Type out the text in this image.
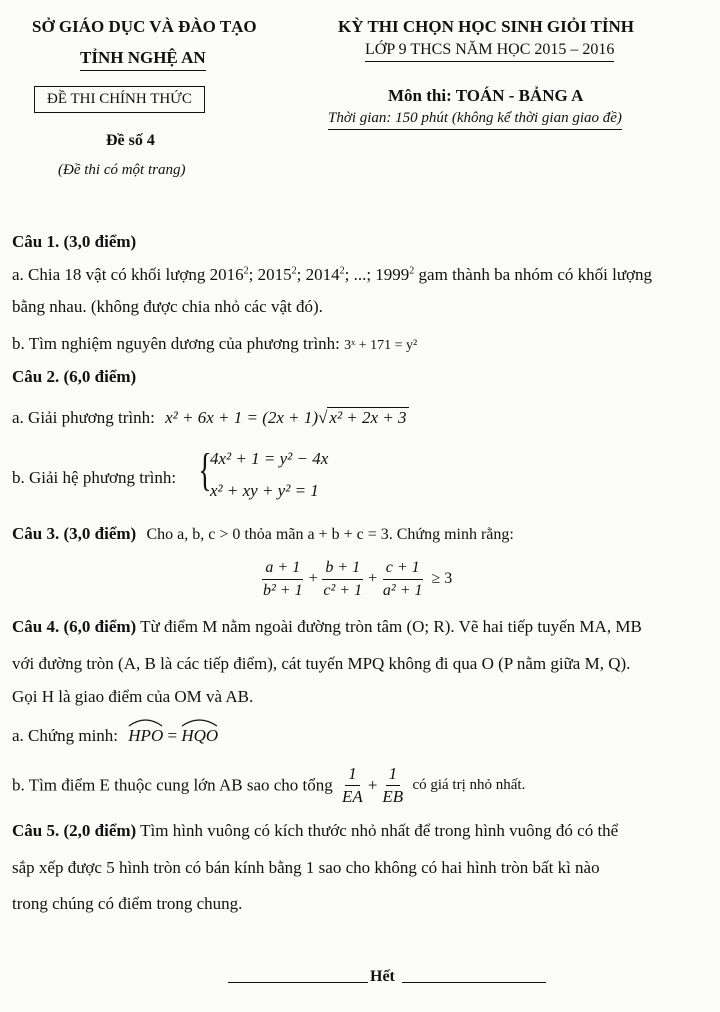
SỞ GIÁO DỤC VÀ ĐÀO TẠO
TỈNH NGHỆ AN
KỲ THI CHỌN HỌC SINH GIỎI TỈNH
LỚP 9 THCS NĂM HỌC 2015 – 2016
ĐỀ THI CHÍNH THỨC	Môn thi: TOÁN - BẢNG A
Thời gian: 150 phút (không kể thời gian giao đề)
Đề số 4
(Đề thi có một trang)
Câu 1. (3,0 điểm)
a. Chia 18 vật có khối lượng 2016$^2$; 2015$^2$; 2014$^2$; ...; 1999$^2$ gam thành ba nhóm có khối lượng
bằng nhau. (không được chia nhỏ các vật đó).
b. Tìm nghiệm nguyên dương của phương trình: 3ˣ + 171 = y²
Câu 2. (6,0 điểm)
a. Giải phương trình: x² + 6x + 1 = (2x + 1)√ x² + 2x + 3
b. Giải hệ phương trình: {
4x² + 1 = y² − 4x
x² + xy + y² = 1
Câu 3. (3,0 điểm) Cho a, b, c > 0 thỏa mãn a + b + c = 3. Chứng minh rằng:
$\frac{a + 1}{\text{b² + 1}} + \frac{b + 1}{\text{c² + 1}} + \frac{c + 1}{\text{a² + 1}} \ge 3$
Câu 4. (6,0 điểm) Từ điểm M nằm ngoài đường tròn tâm (O; R). Vẽ hai tiếp tuyến MA, MB
với đường tròn (A, B là các tiếp điểm), cát tuyến MPQ không đi qua O (P nằm giữa M, Q).
Gọi H là giao điểm của OM và AB.
a. Chứng minh: HPO =
HQO
b. Tìm điểm E thuộc cung lớn AB sao cho tổng $\frac{1}{EA} + \frac{1}{EB}$ có giá trị nhỏ nhất.
Câu 5. (2,0 điểm) Tìm hình vuông có kích thước nhỏ nhất để trong hình vuông đó có thể
sắp xếp được 5 hình tròn có bán kính bằng 1 sao cho không có hai hình tròn bất kì nào
trong chúng có điểm trong chung.
Hết
